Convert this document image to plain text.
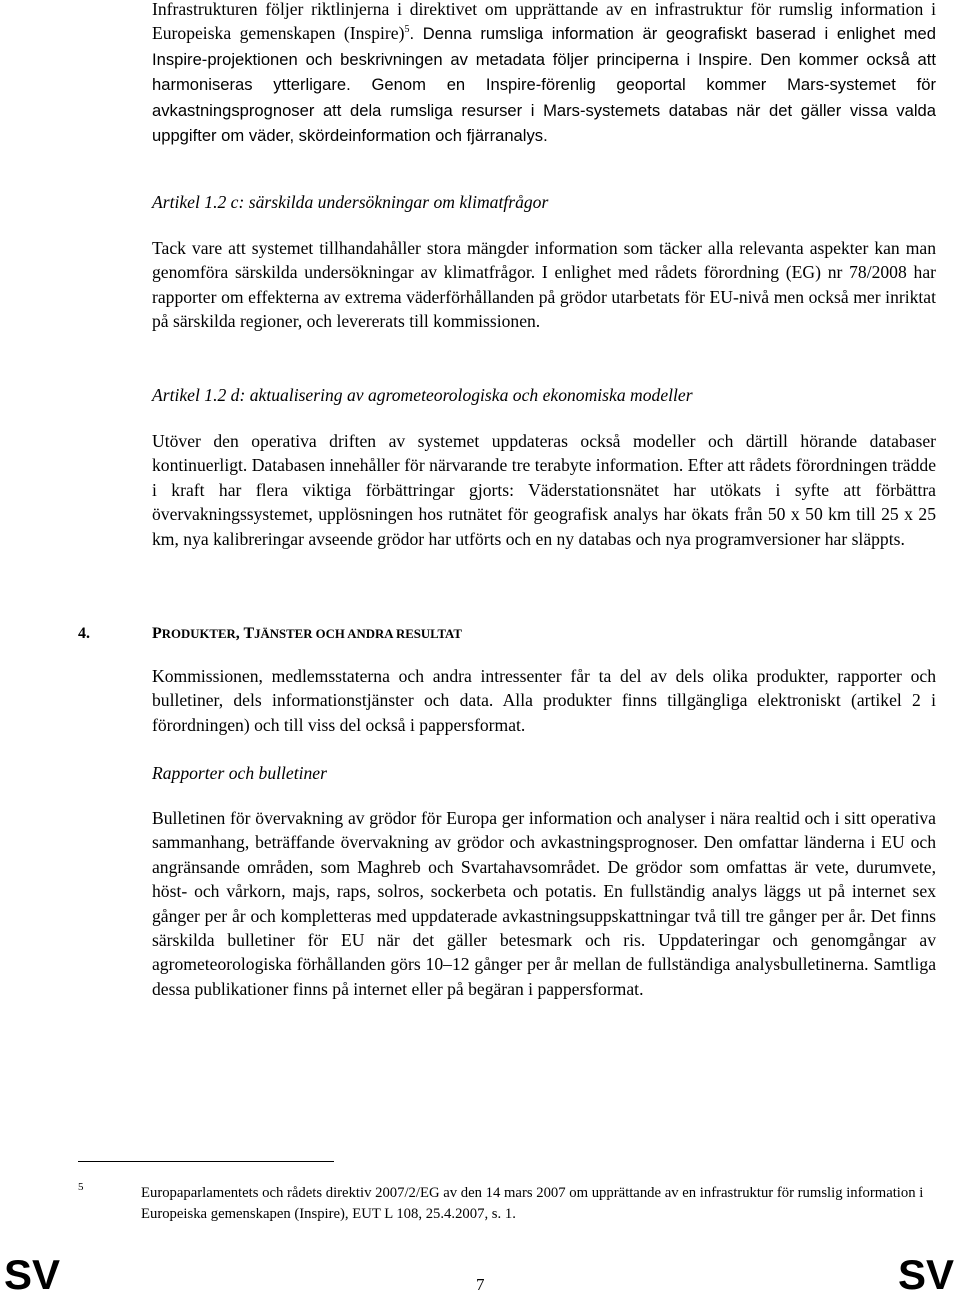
Infrastrukturen följer riktlinjerna i direktivet om upprättande av en infrastruktur för rumslig information i Europeiska gemenskapen (Inspire)$^5$. Denna rumsliga information är geografiskt baserad i enlighet med Inspire-projektionen och beskrivningen av metadata följer principerna i Inspire. Den kommer också att harmoniseras ytterligare. Genom en Inspire-förenlig geoportal kommer Mars-systemet för avkastningsprognoser att dela rumsliga resurser i Mars-systemets databas när det gäller vissa valda uppgifter om väder, skördeinformation och fjärranalys.
Artikel 1.2 c: särskilda undersökningar om klimatfrågor
Tack vare att systemet tillhandahåller stora mängder information som täcker alla relevanta aspekter kan man genomföra särskilda undersökningar av klimatfrågor. I enlighet med rådets förordning (EG) nr 78/2008 har rapporter om effekterna av extrema väderförhållanden på grödor utarbetats för EU-nivå men också mer inriktat på särskilda regioner, och levererats till kommissionen.
Artikel 1.2 d: aktualisering av agrometeorologiska och ekonomiska modeller
Utöver den operativa driften av systemet uppdateras också modeller och därtill hörande databaser kontinuerligt. Databasen innehåller för närvarande tre terabyte information. Efter att rådets förordningen trädde i kraft har flera viktiga förbättringar gjorts: Väderstationsnätet har utökats i syfte att förbättra övervakningssystemet, upplösningen hos rutnätet för geografisk analys har ökats från 50 x 50 km till 25 x 25 km, nya kalibreringar avseende grödor har utförts och en ny databas och nya programversioner har släppts.
4.	PRODUKTER, TJÄNSTER OCH ANDRA RESULTAT
Kommissionen, medlemsstaterna och andra intressenter får ta del av dels olika produkter, rapporter och bulletiner, dels informationstjänster och data. Alla produkter finns tillgängliga elektroniskt (artikel 2 i förordningen) och till viss del också i pappersformat.
Rapporter och bulletiner
Bulletinen för övervakning av grödor för Europa ger information och analyser i nära realtid och i sitt operativa sammanhang, beträffande övervakning av grödor och avkastningsprognoser. Den omfattar länderna i EU och angränsande områden, som Maghreb och Svartahavsområdet. De grödor som omfattas är vete, durumvete, höst- och vårkorn, majs, raps, solros, sockerbeta och potatis. En fullständig analys läggs ut på internet sex gånger per år och kompletteras med uppdaterade avkastningsuppskattningar två till tre gånger per år. Det finns särskilda bulletiner för EU när det gäller betesmark och ris. Uppdateringar och genomgångar av agrometeorologiska förhållanden görs 10–12 gånger per år mellan de fullständiga analysbulletinerna. Samtliga dessa publikationer finns på internet eller på begäran i pappersformat.
5	Europaparlamentets och rådets direktiv 2007/2/EG av den 14 mars 2007 om upprättande av en infrastruktur för rumslig information i Europeiska gemenskapen (Inspire), EUT L 108, 25.4.2007, s. 1.
SV	7	SV
